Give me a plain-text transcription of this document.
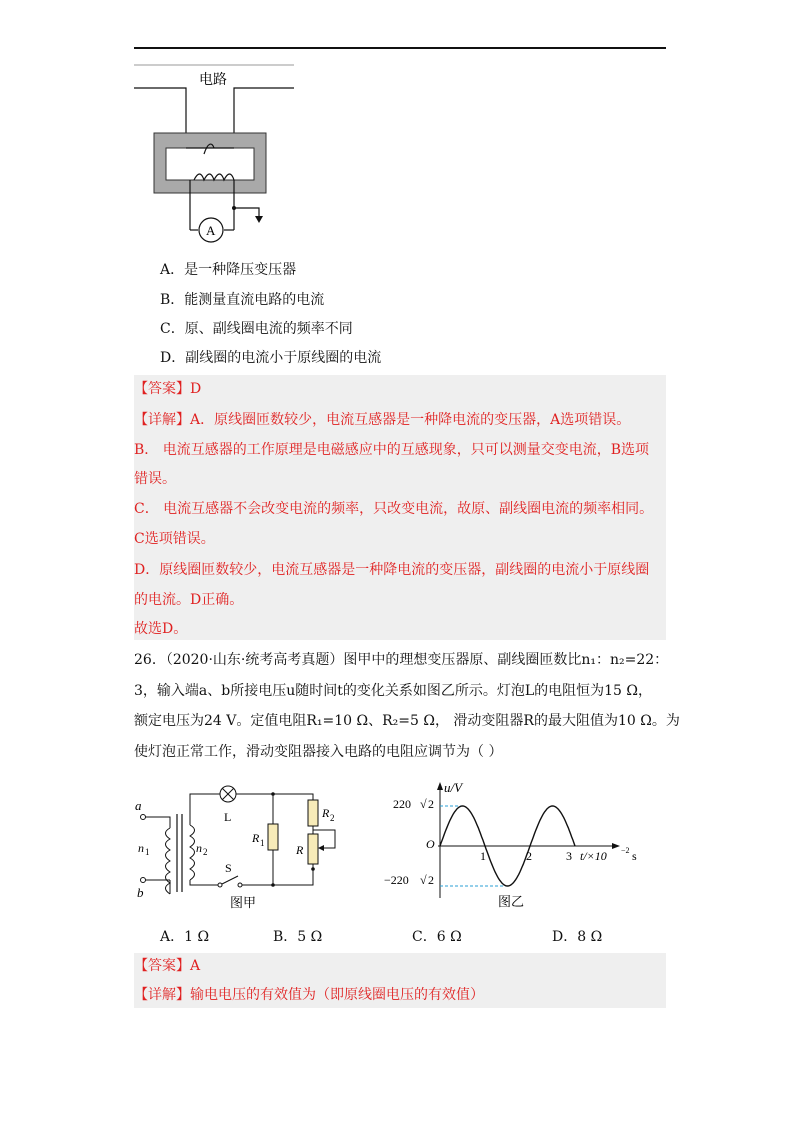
电路
A
A．是一种降压变压器
B．能测量直流电路的电流
C．原、副线圈电流的频率不同
D．副线圈的电流小于原线圈的电流
【答案】D
【详解】A．原线圈匝数较少，电流互感器是一种降电流的变压器，A选项错误。
B． 电流互感器的工作原理是电磁感应中的互感现象，只可以测量交变电流，B选项
错误。
C． 电流互感器不会改变电流的频率，只改变电流，故原、副线圈电流的频率相同。
C选项错误。
D．原线圈匝数较少，电流互感器是一种降电流的变压器，副线圈的电流小于原线圈
的电流。D正确。
故选D。
26．（2020·山东·统考高考真题）图甲中的理想变压器原、副线圈匝数比n₁：n₂=22：
3，输入端a、b所接电压u随时间t的变化关系如图乙所示。灯泡L的电阻恒为15 Ω，
额定电压为24 V。定值电阻R₁=10 Ω、R₂=5 Ω， 滑动变阻器R的最大阻值为10 Ω。为
使灯泡正常工作，滑动变阻器接入电路的电阻应调节为（ ）
a
b
n 1	n 2
L
S
R 1
R 2
R
图甲
u/V
220 √ 2
−220 √ 2
O
1	2	3 t/×10 −2 s
图乙
A．1 Ω	B．5 Ω	C．6 Ω	D．8 Ω
【答案】A
【详解】输电电压的有效值为（即原线圈电压的有效值）
